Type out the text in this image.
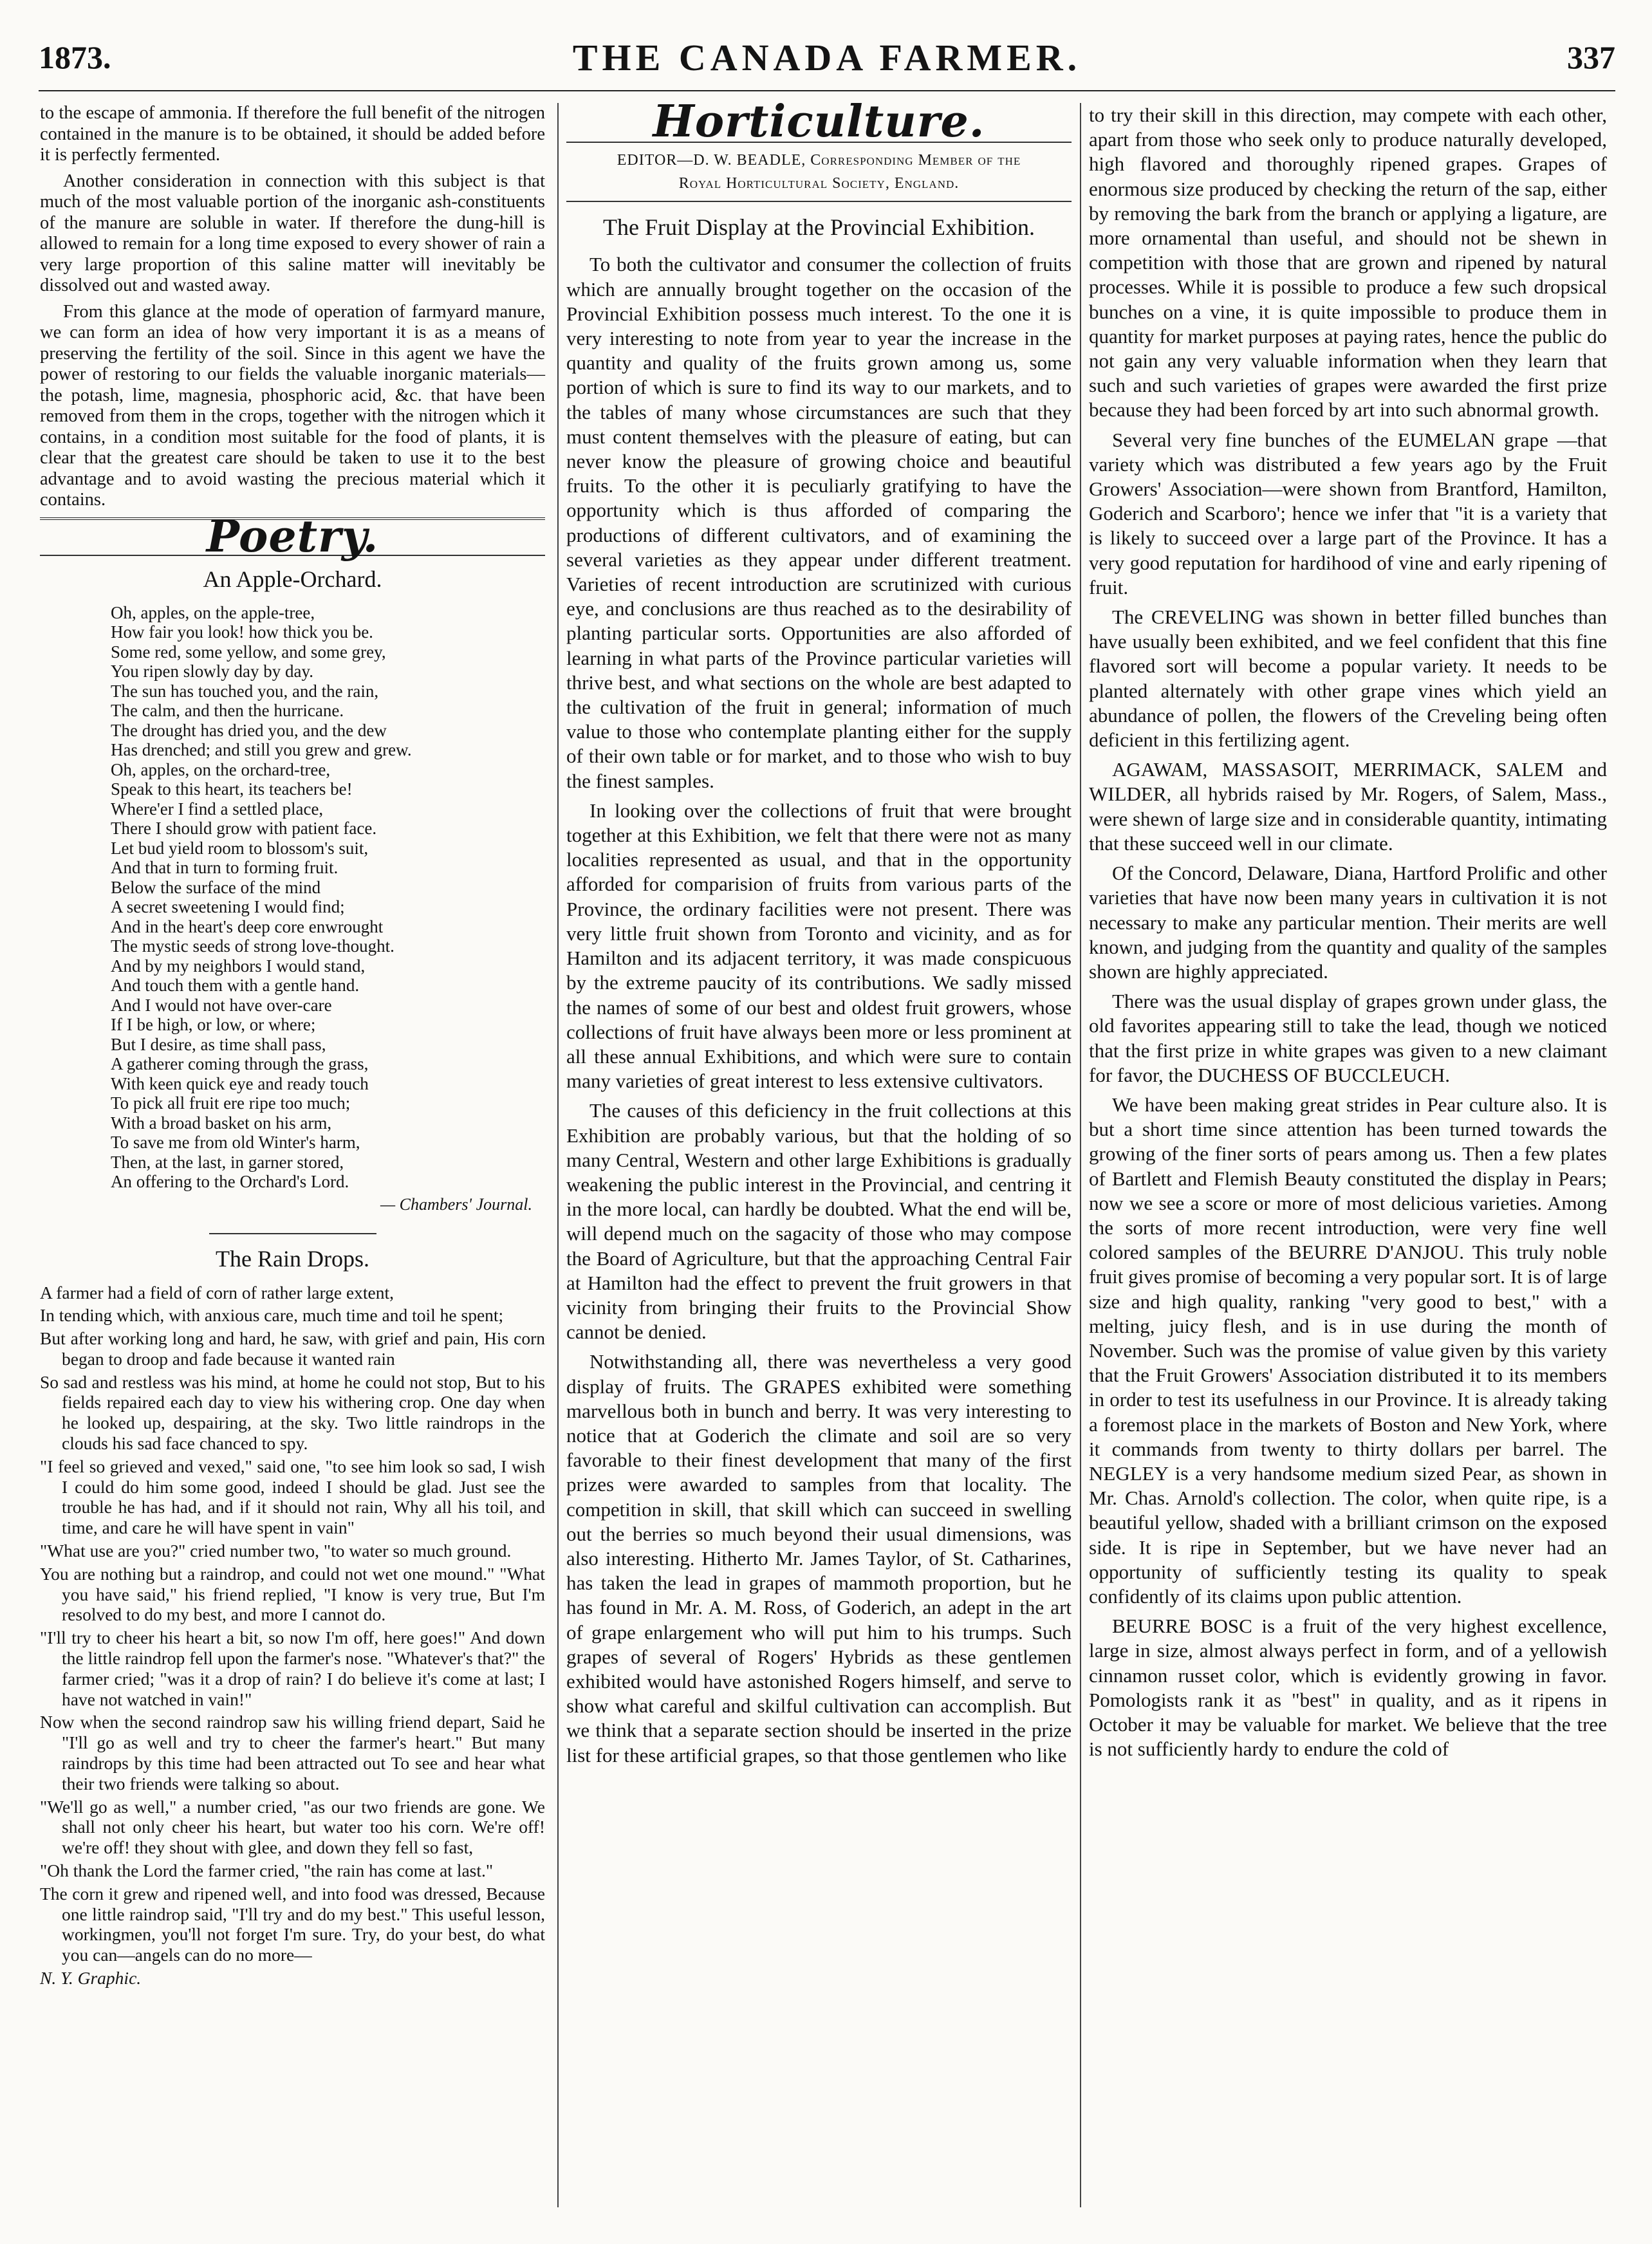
1873.	THE CANADA FARMER.	337

to the escape of ammonia. If therefore the full benefit of the nitrogen contained in the manure is to be obtained, it should be added before it is perfectly fermented.

Another consideration in connection with this subject is that much of the most valuable portion of the inorganic ash-constituents of the manure are soluble in water. If therefore the dung-hill is allowed to remain for a long time exposed to every shower of rain a very large proportion of this saline matter will inevitably be dissolved out and wasted away.

From this glance at the mode of operation of farmyard manure, we can form an idea of how very important it is as a means of preserving the fertility of the soil. Since in this agent we have the power of restoring to our fields the valuable inorganic materials—the potash, lime, magnesia, phosphoric acid, &c. that have been removed from them in the crops, together with the nitrogen which it contains, in a condition most suitable for the food of plants, it is clear that the greatest care should be taken to use it to the best advantage and to avoid wasting the precious material which it contains.

Poetry.
An Apple-Orchard.
Oh, apples, on the apple-tree,
How fair you look! how thick you be.
Some red, some yellow, and some grey,
You ripen slowly day by day.
The sun has touched you, and the rain,
The calm, and then the hurricane.
The drought has dried you, and the dew
Has drenched; and still you grew and grew.
Oh, apples, on the orchard-tree,
Speak to this heart, its teachers be!
Where'er I find a settled place,
There I should grow with patient face.
Let bud yield room to blossom's suit,
And that in turn to forming fruit.
Below the surface of the mind
A secret sweetening I would find;
And in the heart's deep core enwrought
The mystic seeds of strong love-thought.
And by my neighbors I would stand,
And touch them with a gentle hand.
And I would not have over-care
If I be high, or low, or where;
But I desire, as time shall pass,
A gatherer coming through the grass,
With keen quick eye and ready touch
To pick all fruit ere ripe too much;
With a broad basket on his arm,
To save me from old Winter's harm,
Then, at the last, in garner stored,
An offering to the Orchard's Lord.
— Chambers' Journal.
The Rain Drops.

A farmer had a field of corn of rather large extent,

In tending which, with anxious care, much time and toil he spent;

But after working long and hard, he saw, with grief and pain, His corn began to droop and fade because it wanted rain

So sad and restless was his mind, at home he could not stop, But to his fields repaired each day to view his withering crop. One day when he looked up, despairing, at the sky. Two little raindrops in the clouds his sad face chanced to spy.

"I feel so grieved and vexed," said one, "to see him look so sad, I wish I could do him some good, indeed I should be glad. Just see the trouble he has had, and if it should not rain, Why all his toil, and time, and care he will have spent in vain"

"What use are you?" cried number two, "to water so much ground.

You are nothing but a raindrop, and could not wet one mound." "What you have said," his friend replied, "I know is very true, But I'm resolved to do my best, and more I cannot do.

"I'll try to cheer his heart a bit, so now I'm off, here goes!" And down the little raindrop fell upon the farmer's nose. "Whatever's that?" the farmer cried; "was it a drop of rain? I do believe it's come at last; I have not watched in vain!"

Now when the second raindrop saw his willing friend depart, Said he "I'll go as well and try to cheer the farmer's heart." But many raindrops by this time had been attracted out To see and hear what their two friends were talking so about.

"We'll go as well," a number cried, "as our two friends are gone. We shall not only cheer his heart, but water too his corn. We're off! we're off! they shout with glee, and down they fell so fast,

"Oh thank the Lord the farmer cried, "the rain has come at last."

The corn it grew and ripened well, and into food was dressed, Because one little raindrop said, "I'll try and do my best." This useful lesson, workingmen, you'll not forget I'm sure. Try, do your best, do what you can—angels can do no more—

N. Y. Graphic.

Horticulture.
EDITOR—D. W. BEADLE, Corresponding Member of the
Royal Horticultural Society, England.
The Fruit Display at the Provincial Exhibition.

To both the cultivator and consumer the collection of fruits which are annually brought together on the occasion of the Provincial Exhibition possess much interest. To the one it is very interesting to note from year to year the increase in the quantity and quality of the fruits grown among us, some portion of which is sure to find its way to our markets, and to the tables of many whose circumstances are such that they must content themselves with the pleasure of eating, but can never know the pleasure of growing choice and beautiful fruits. To the other it is peculiarly gratifying to have the opportunity which is thus afforded of comparing the productions of different cultivators, and of examining the several varieties as they appear under different treatment. Varieties of recent introduction are scrutinized with curious eye, and conclusions are thus reached as to the desirability of planting particular sorts. Opportunities are also afforded of learning in what parts of the Province particular varieties will thrive best, and what sections on the whole are best adapted to the cultivation of the fruit in general; information of much value to those who contemplate planting either for the supply of their own table or for market, and to those who wish to buy the finest samples.

In looking over the collections of fruit that were brought together at this Exhibition, we felt that there were not as many localities represented as usual, and that in the opportunity afforded for comparision of fruits from various parts of the Province, the ordinary facilities were not present. There was very little fruit shown from Toronto and vicinity, and as for Hamilton and its adjacent territory, it was made conspicuous by the extreme paucity of its contributions. We sadly missed the names of some of our best and oldest fruit growers, whose collections of fruit have always been more or less prominent at all these annual Exhibitions, and which were sure to contain many varieties of great interest to less extensive cultivators.

The causes of this deficiency in the fruit collections at this Exhibition are probably various, but that the holding of so many Central, Western and other large Exhibitions is gradually weakening the public interest in the Provincial, and centring it in the more local, can hardly be doubted. What the end will be, will depend much on the sagacity of those who may compose the Board of Agriculture, but that the approaching Central Fair at Hamilton had the effect to prevent the fruit growers in that vicinity from bringing their fruits to the Provincial Show cannot be denied.

Notwithstanding all, there was nevertheless a very good display of fruits. The GRAPES exhibited were something marvellous both in bunch and berry. It was very interesting to notice that at Goderich the climate and soil are so very favorable to their finest development that many of the first prizes were awarded to samples from that locality. The competition in skill, that skill which can succeed in swelling out the berries so much beyond their usual dimensions, was also interesting. Hitherto Mr. James Taylor, of St. Catharines, has taken the lead in grapes of mammoth proportion, but he has found in Mr. A. M. Ross, of Goderich, an adept in the art of grape enlargement who will put him to his trumps. Such grapes of several of Rogers' Hybrids as these gentlemen exhibited would have astonished Rogers himself, and serve to show what careful and skilful cultivation can accomplish. But we think that a separate section should be inserted in the prize list for these artificial grapes, so that those gentlemen who like

to try their skill in this direction, may compete with each other, apart from those who seek only to produce naturally developed, high flavored and thoroughly ripened grapes. Grapes of enormous size produced by checking the return of the sap, either by removing the bark from the branch or applying a ligature, are more ornamental than useful, and should not be shewn in competition with those that are grown and ripened by natural processes. While it is possible to produce a few such dropsical bunches on a vine, it is quite impossible to produce them in quantity for market purposes at paying rates, hence the public do not gain any very valuable information when they learn that such and such varieties of grapes were awarded the first prize because they had been forced by art into such abnormal growth.

Several very fine bunches of the EUMELAN grape —that variety which was distributed a few years ago by the Fruit Growers' Association—were shown from Brantford, Hamilton, Goderich and Scarboro'; hence we infer that "it is a variety that is likely to succeed over a large part of the Province. It has a very good reputation for hardihood of vine and early ripening of fruit.

The CREVELING was shown in better filled bunches than have usually been exhibited, and we feel confident that this fine flavored sort will become a popular variety. It needs to be planted alternately with other grape vines which yield an abundance of pollen, the flowers of the Creveling being often deficient in this fertilizing agent.

AGAWAM, MASSASOIT, MERRIMACK, SALEM and WILDER, all hybrids raised by Mr. Rogers, of Salem, Mass., were shewn of large size and in considerable quantity, intimating that these succeed well in our climate.

Of the Concord, Delaware, Diana, Hartford Prolific and other varieties that have now been many years in cultivation it is not necessary to make any particular mention. Their merits are well known, and judging from the quantity and quality of the samples shown are highly appreciated.

There was the usual display of grapes grown under glass, the old favorites appearing still to take the lead, though we noticed that the first prize in white grapes was given to a new claimant for favor, the DUCHESS OF BUCCLEUCH.

We have been making great strides in Pear culture also. It is but a short time since attention has been turned towards the growing of the finer sorts of pears among us. Then a few plates of Bartlett and Flemish Beauty constituted the display in Pears; now we see a score or more of most delicious varieties. Among the sorts of more recent introduction, were very fine well colored samples of the BEURRE D'ANJOU. This truly noble fruit gives promise of becoming a very popular sort. It is of large size and high quality, ranking "very good to best," with a melting, juicy flesh, and is in use during the month of November. Such was the promise of value given by this variety that the Fruit Growers' Association distributed it to its members in order to test its usefulness in our Province. It is already taking a foremost place in the markets of Boston and New York, where it commands from twenty to thirty dollars per barrel. The NEGLEY is a very handsome medium sized Pear, as shown in Mr. Chas. Arnold's collection. The color, when quite ripe, is a beautiful yellow, shaded with a brilliant crimson on the exposed side. It is ripe in September, but we have never had an opportunity of sufficiently testing its quality to speak confidently of its claims upon public attention.

BEURRE BOSC is a fruit of the very highest excellence, large in size, almost always perfect in form, and of a yellowish cinnamon russet color, which is evidently growing in favor. Pomologists rank it as "best" in quality, and as it ripens in October it may be valuable for market. We believe that the tree is not sufficiently hardy to endure the cold of
